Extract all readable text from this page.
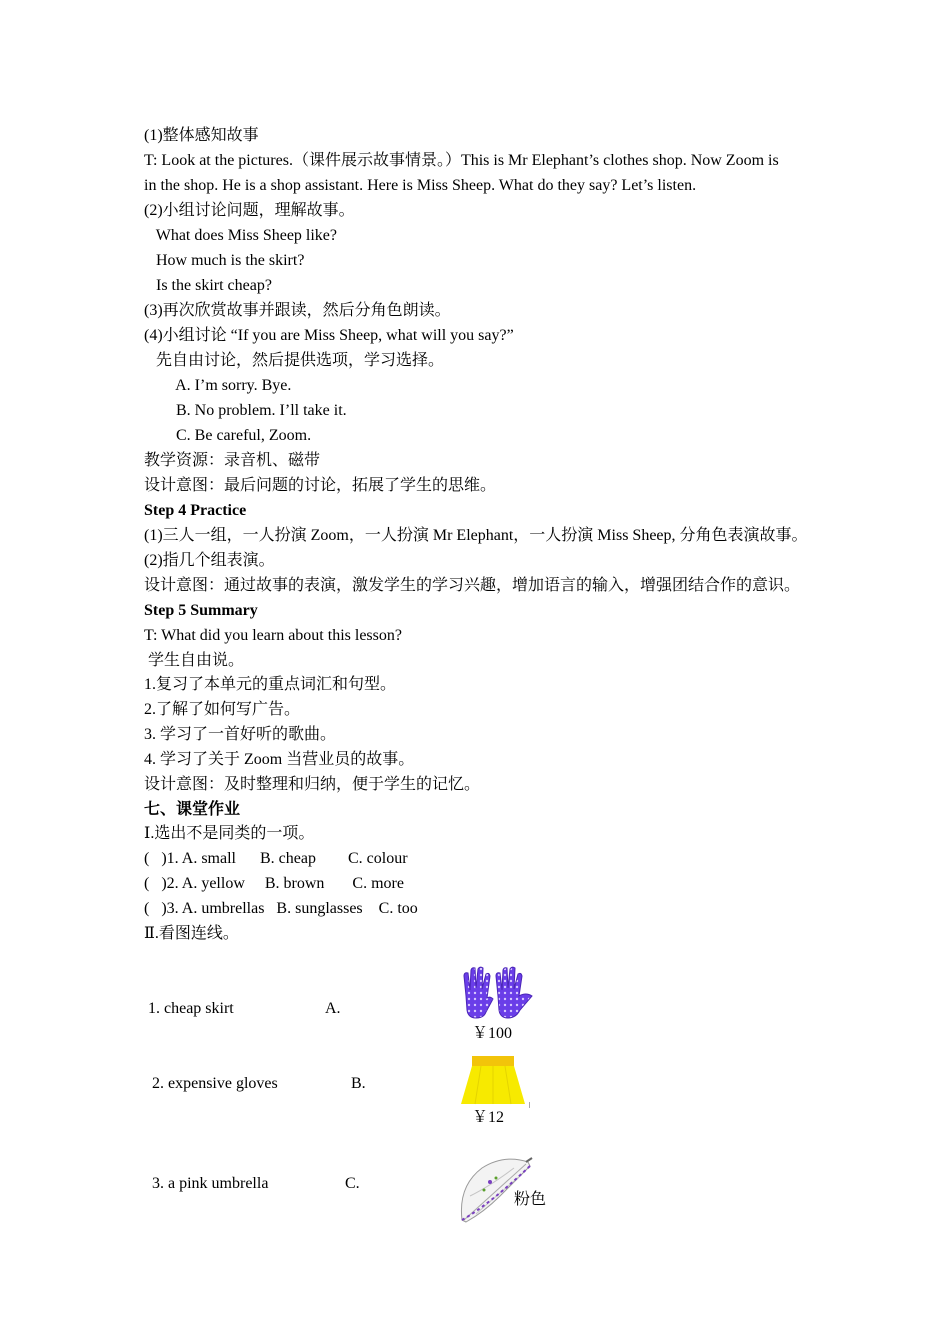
(1)整体感知故事
T: Look at the pictures.（课件展示故事情景。）This is Mr Elephant’s clothes shop. Now Zoom is
in the shop. He is a shop assistant. Here is Miss Sheep. What do they say? Let’s listen.
(2)小组讨论问题，理解故事。
What does Miss Sheep like?
How much is the skirt?
Is the skirt cheap?
(3)再次欣赏故事并跟读，然后分角色朗读。
(4)小组讨论 “If you are Miss Sheep, what will you say?”
先自由讨论，然后提供选项，学习选择。
A. I’m sorry. Bye.
B. No problem. I’ll take it.
C. Be careful, Zoom.
教学资源：录音机、磁带
设计意图：最后问题的讨论，拓展了学生的思维。
Step 4 Practice
(1)三人一组，一人扮演 Zoom，一人扮演 Mr Elephant，一人扮演 Miss Sheep, 分角色表演故事。
(2)指几个组表演。
设计意图：通过故事的表演，激发学生的学习兴趣，增加语言的输入，增强团结合作的意识。
Step 5 Summary
T: What did you learn about this lesson?
学生自由说。
1.复习了本单元的重点词汇和句型。
2.了解了如何写广告。
3. 学习了一首好听的歌曲。
4. 学习了关于 Zoom 当营业员的故事。
设计意图：及时整理和归纳，便于学生的记忆。
七、课堂作业
Ⅰ.选出不是同类的一项。
(   )1. A. small      B. cheap        C. colour
(   )2. A. yellow     B. brown       C. more
(   )3. A. umbrellas   B. sunglasses    C. too
Ⅱ.看图连线。
1. cheap skirt	A.
2. expensive gloves	B.
3. a pink umbrella	C.
￥100
￥12
粉色
